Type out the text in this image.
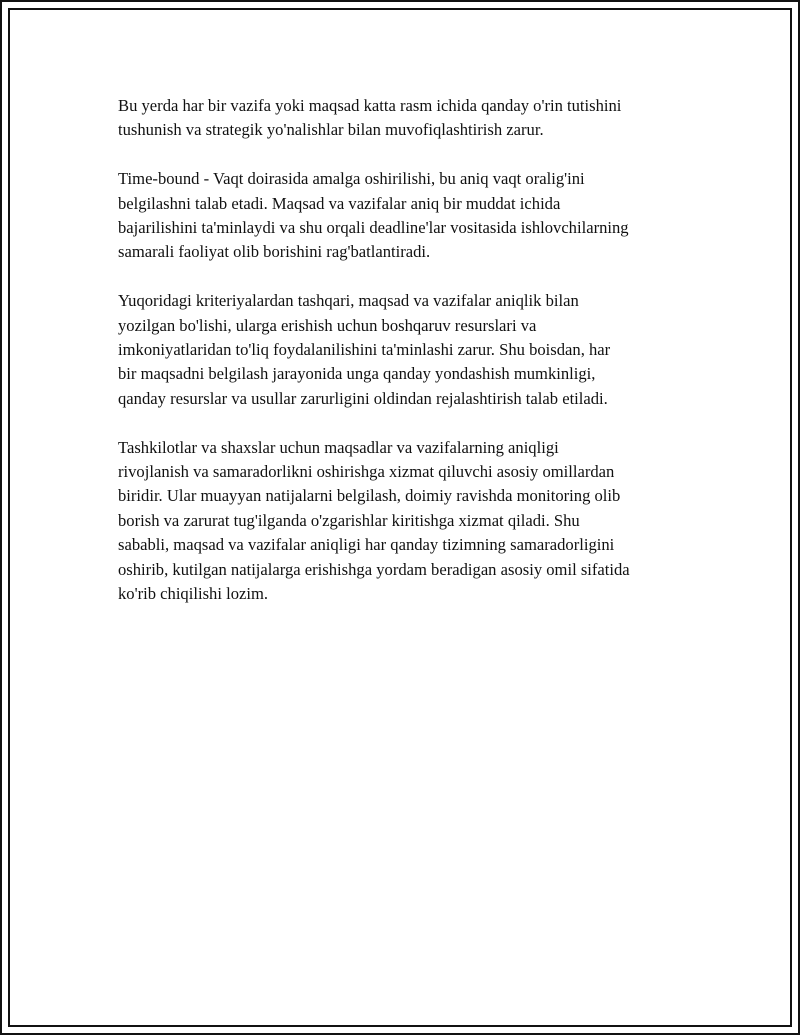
Bu yerda har bir vazifa yoki maqsad katta rasm ichida qanday o'rin tutishini
tushunish va strategik yo'nalishlar bilan muvofiqlashtirish zarur.

Time-bound - Vaqt doirasida amalga oshirilishi, bu aniq vaqt oralig'ini
belgilashni talab etadi. Maqsad va vazifalar aniq bir muddat ichida
bajarilishini ta'minlaydi va shu orqali deadline'lar vositasida ishlovchilarning
samarali faoliyat olib borishini rag'batlantiradi.

Yuqoridagi kriteriyalardan tashqari, maqsad va vazifalar aniqlik bilan
yozilgan bo'lishi, ularga erishish uchun boshqaruv resurslari va
imkoniyatlaridan to'liq foydalanilishini ta'minlashi zarur. Shu boisdan, har
bir maqsadni belgilash jarayonida unga qanday yondashish mumkinligi,
qanday resurslar va usullar zarurligini oldindan rejalashtirish talab etiladi.

Tashkilotlar va shaxslar uchun maqsadlar va vazifalarning aniqligi
rivojlanish va samaradorlikni oshirishga xizmat qiluvchi asosiy omillardan
biridir. Ular muayyan natijalarni belgilash, doimiy ravishda monitoring olib
borish va zarurat tug'ilganda o'zgarishlar kiritishga xizmat qiladi. Shu
sababli, maqsad va vazifalar aniqligi har qanday tizimning samaradorligini
oshirib, kutilgan natijalarga erishishga yordam beradigan asosiy omil sifatida
ko'rib chiqilishi lozim.
